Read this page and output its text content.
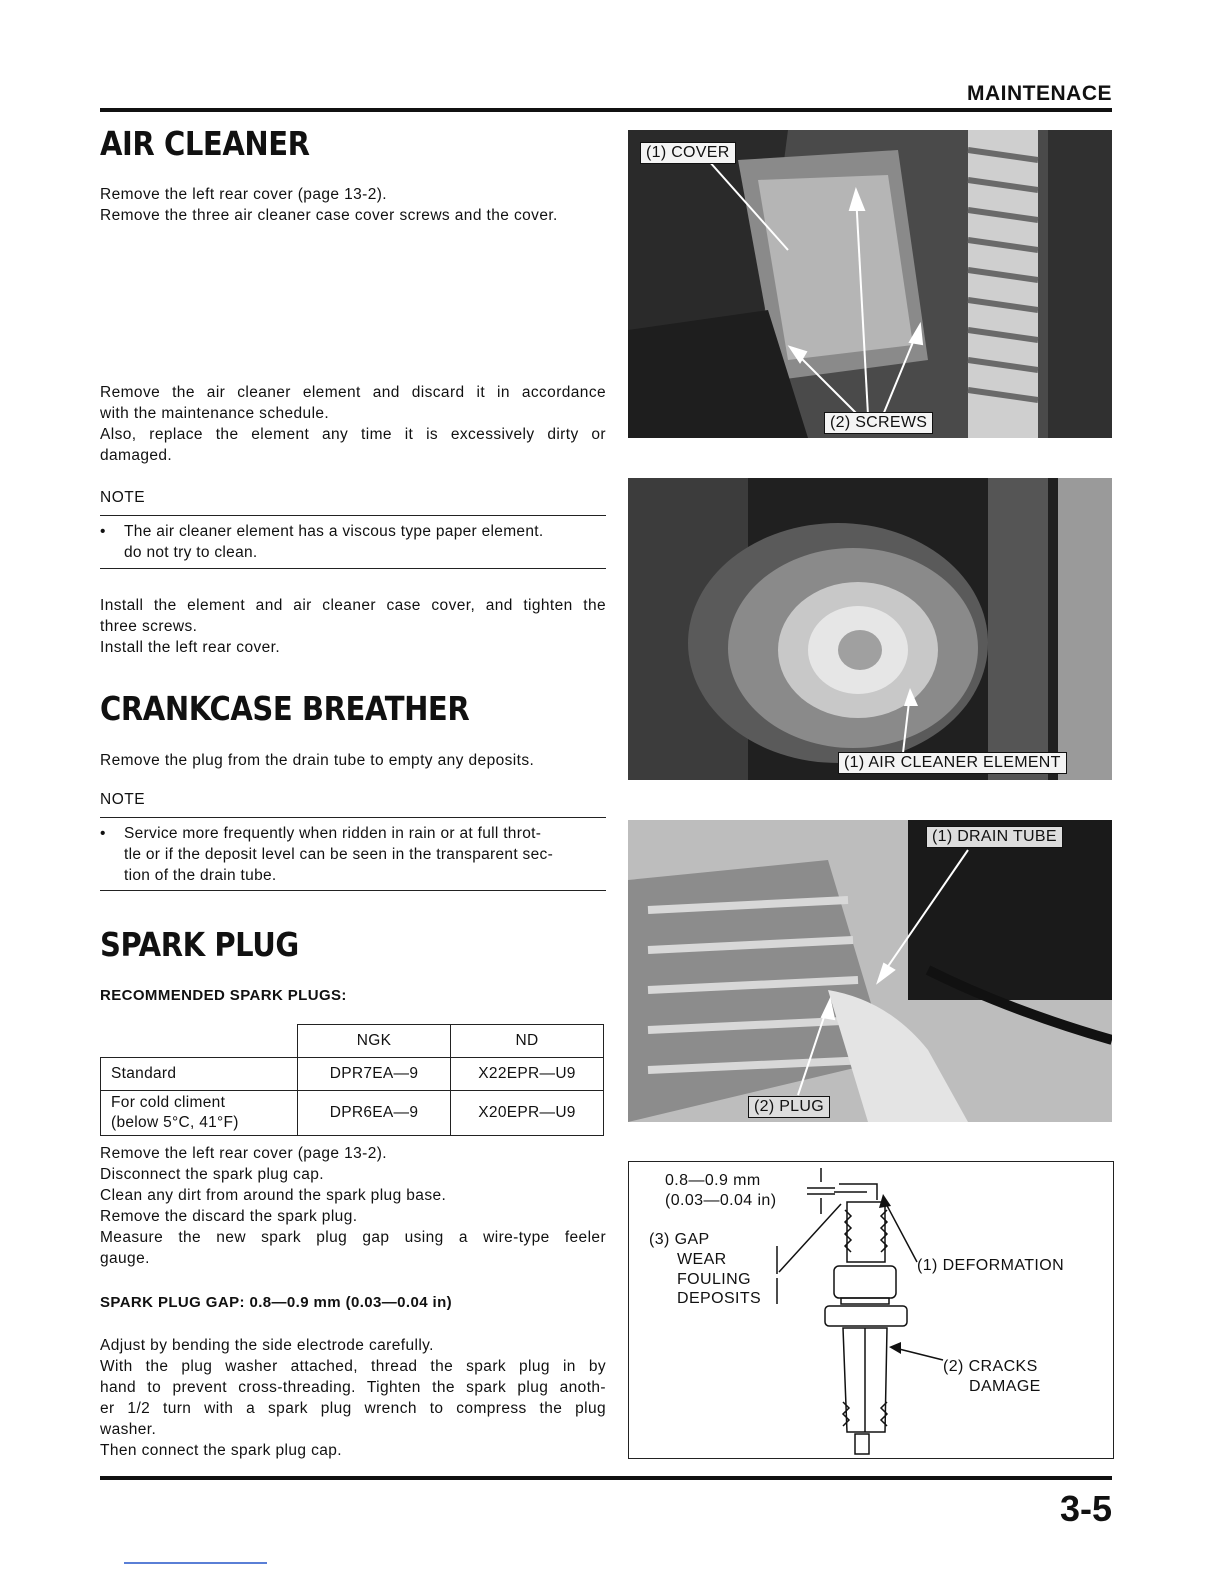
MAINTENACE
AIR CLEANER
Remove the left rear cover (page 13-2).
Remove the three air cleaner case cover screws and the cover.
Remove the air cleaner element and discard it in accordance
with the maintenance schedule.
Also, replace the element any time it is excessively dirty or
damaged.
NOTE
• The air cleaner element has a viscous type paper element.
do not try to clean.
Install the element and air cleaner case cover, and tighten the
three screws.
Install the left rear cover.
CRANKCASE BREATHER
Remove the plug from the drain tube to empty any deposits.
NOTE
• Service more frequently when ridden in rain or at full throt-
tle or if the deposit level can be seen in the transparent sec-
tion of the drain tube.
SPARK PLUG
RECOMMENDED SPARK PLUGS:
	NGK	ND
Standard	DPR7EA—9	X22EPR—U9

For cold climent
(below 5°C, 41°F)	DPR6EA—9	X20EPR—U9
Remove the left rear cover (page 13-2).
Disconnect the spark plug cap.
Clean any dirt from around the spark plug base.
Remove the discard the spark plug.
Measure the new spark plug gap using a wire-type feeler
gauge.
SPARK PLUG GAP: 0.8—0.9 mm (0.03—0.04 in)
Adjust by bending the side electrode carefully.
With the plug washer attached, thread the spark plug in by
hand to prevent cross-threading. Tighten the spark plug anoth-
er 1/2 turn with a spark plug wrench to compress the plug
washer.
Then connect the spark plug cap.
(1) COVER
(2) SCREWS
(1) AIR CLEANER ELEMENT
(1) DRAIN TUBE
(2) PLUG
0.8—0.9 mm
(0.03—0.04 in)
(3) GAP
WEAR
FOULING
DEPOSITS
(1) DEFORMATION
(2) CRACKS
DAMAGE
3-5
